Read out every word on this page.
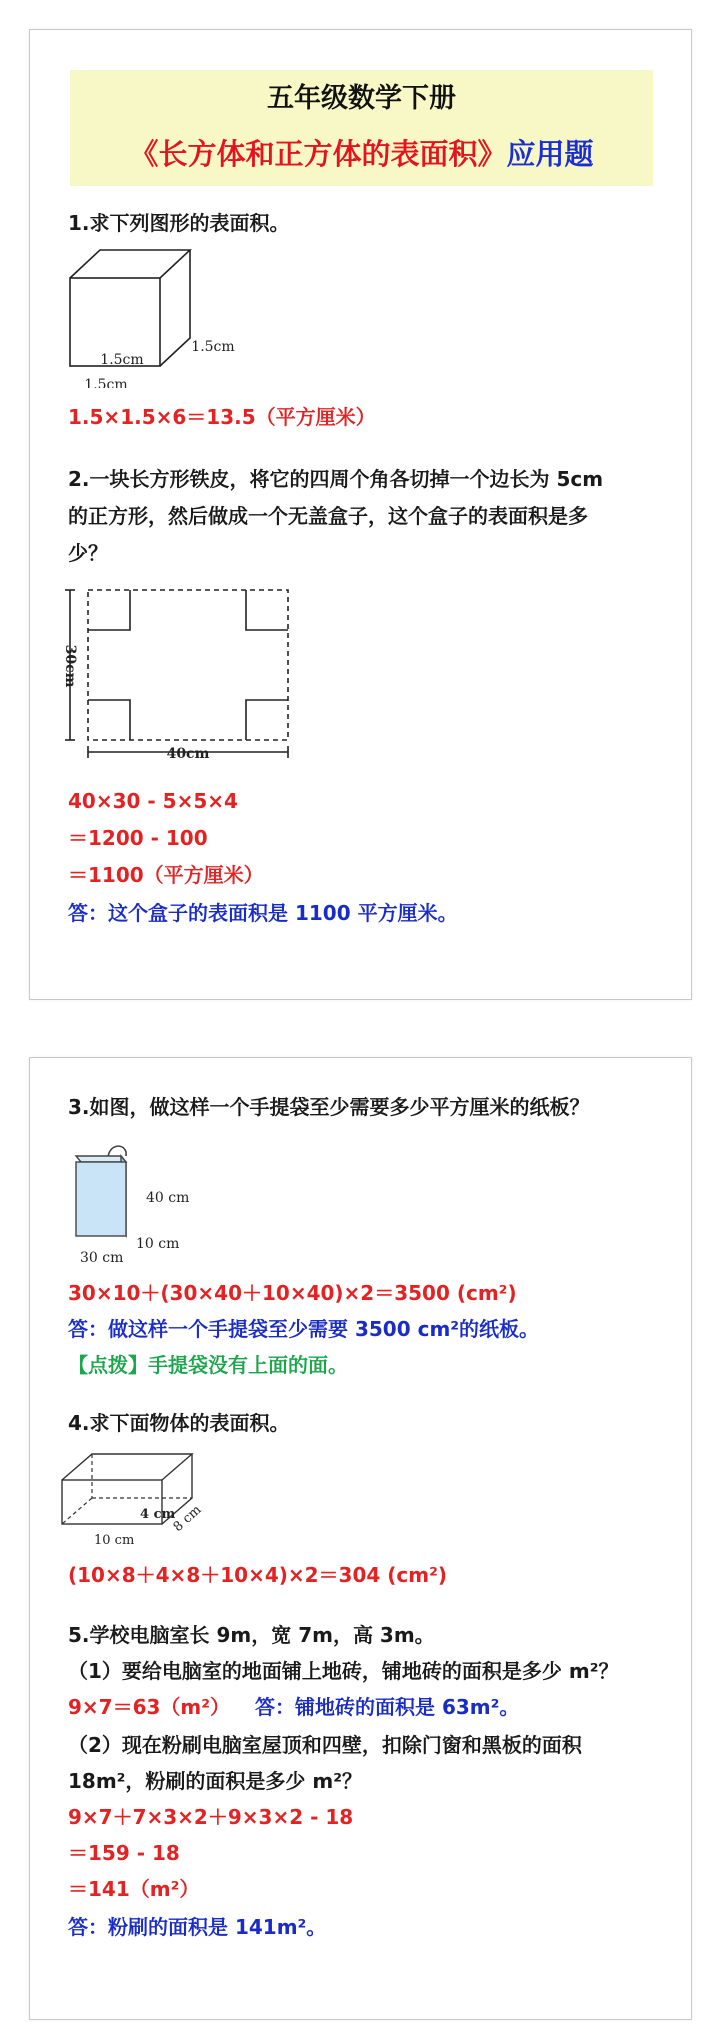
五年级数学下册
《长方体和正方体的表面积》应用题

1.求下列图形的表面积。

1.5cm
1.5cm
1.5cm

1.5×1.5×6＝13.5（平方厘米）

2.一块长方形铁皮，将它的四周个角各切掉一个边长为 5cm

的正方形，然后做成一个无盖盒子，这个盒子的表面积是多

少？

40cm
30cm

40×30 - 5×5×4

＝1200 - 100

＝1100（平方厘米）

答：这个盒子的表面积是 1100 平方厘米。

3.如图，做这样一个手提袋至少需要多少平方厘米的纸板？

40 cm
10 cm
30 cm

30×10＋(30×40＋10×40)×2＝3500 (cm²)

答：做这样一个手提袋至少需要 3500 cm²的纸板。

【点拨】手提袋没有上面的面。

4.求下面物体的表面积。

4 cm
8 cm
10 cm

(10×8＋4×8＋10×4)×2＝304 (cm²)

5.学校电脑室长 9m，宽 7m，高 3m。

（1）要给电脑室的地面铺上地砖，铺地砖的面积是多少 m²？

9×7＝63（m²） 答：铺地砖的面积是 63m²。

（2）现在粉刷电脑室屋顶和四壁，扣除门窗和黑板的面积

18m²，粉刷的面积是多少 m²？

9×7＋7×3×2＋9×3×2 - 18

＝159 - 18

＝141（m²）

答：粉刷的面积是 141m²。
